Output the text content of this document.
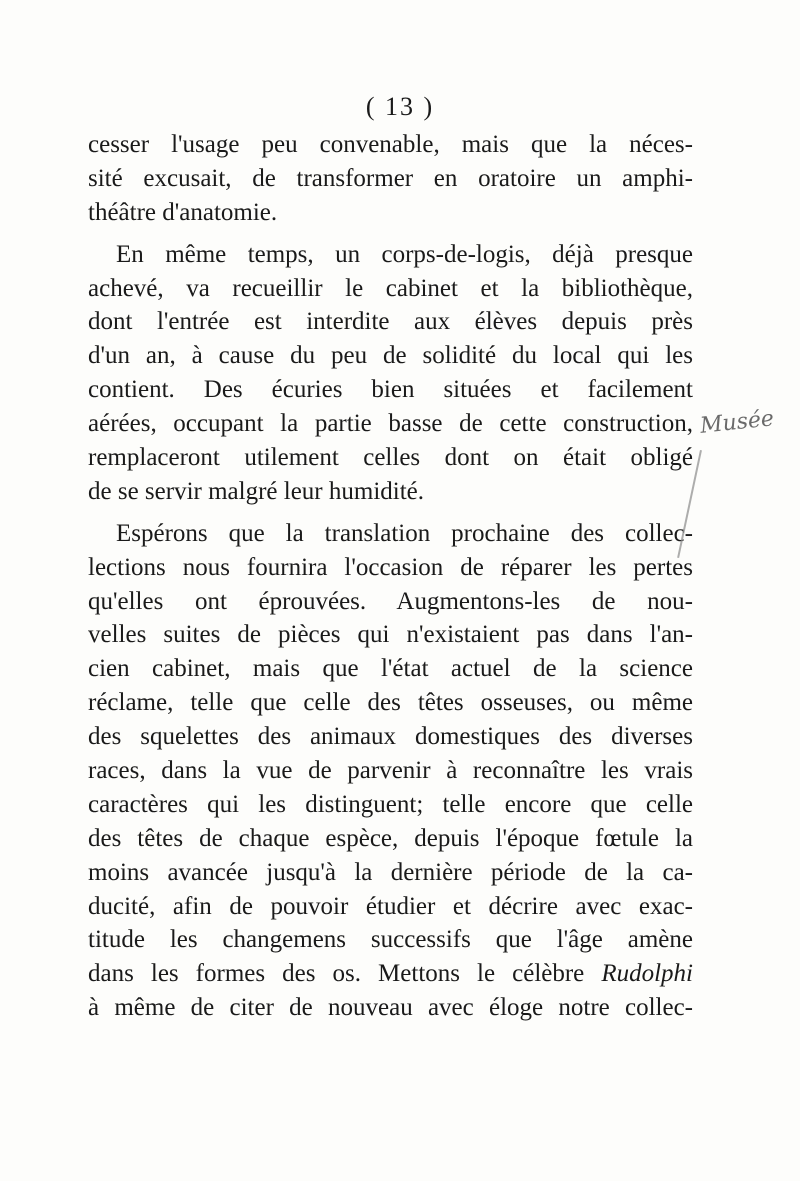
( 13 )
cesser l'usage peu convenable, mais que la néces-
sité excusait, de transformer en oratoire un amphi-
théâtre d'anatomie.
En même temps, un corps-de-logis, déjà presque
achevé, va recueillir le cabinet et la bibliothèque,
dont l'entrée est interdite aux élèves depuis près
d'un an, à cause du peu de solidité du local qui les
contient. Des écuries bien situées et facilement
aérées, occupant la partie basse de cette construction,
remplaceront utilement celles dont on était obligé
de se servir malgré leur humidité.
Espérons que la translation prochaine des collec-
lections nous fournira l'occasion de réparer les pertes
qu'elles ont éprouvées. Augmentons-les de nou-
velles suites de pièces qui n'existaient pas dans l'an-
cien cabinet, mais que l'état actuel de la science
réclame, telle que celle des têtes osseuses, ou même
des squelettes des animaux domestiques des diverses
races, dans la vue de parvenir à reconnaître les vrais
caractères qui les distinguent; telle encore que celle
des têtes de chaque espèce, depuis l'époque fœtule la
moins avancée jusqu'à la dernière période de la ca-
ducité, afin de pouvoir étudier et décrire avec exac-
titude les changemens successifs que l'âge amène
dans les formes des os. Mettons le célèbre Rudolphi
à même de citer de nouveau avec éloge notre collec-
Musée
